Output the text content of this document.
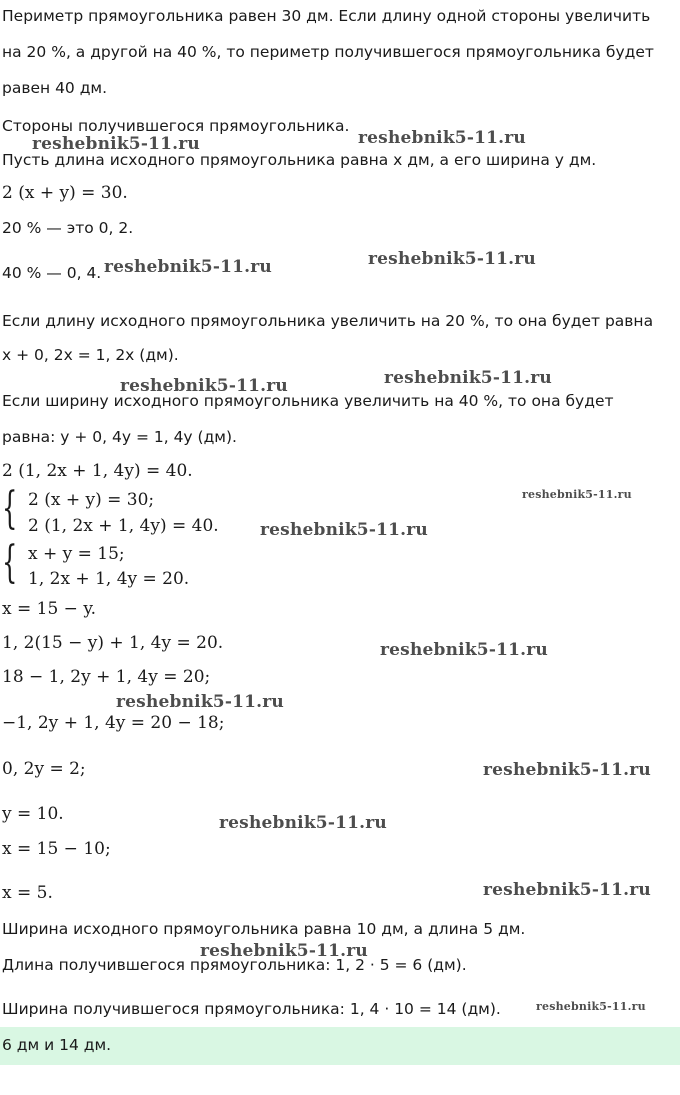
Периметр прямоугольника равен 30 дм. Если длину одной стороны увеличить
на 20 %, а другой на 40 %, то периметр получившегося прямоугольника будет
равен 40 дм.
Стороны получившегося прямоугольника.
Пусть длина исходного прямоугольника равна x дм, а его ширина y дм.
2 (x + y) = 30.
20 % — это 0, 2.
40 % — 0, 4.
Если длину исходного прямоугольника увеличить на 20 %, то она будет равна
x + 0, 2x = 1, 2x (дм).
Если ширину исходного прямоугольника увеличить на 40 %, то она будет
равна: y + 0, 4y = 1, 4y (дм).
2 (1, 2x + 1, 4y) = 40.
{ 2 (x + y) = 30;
2 (1, 2x + 1, 4y) = 40.
{ x + y = 15;
1, 2x + 1, 4y = 20.
x = 15 − y.
1, 2(15 − y) + 1, 4y = 20.
18 − 1, 2y + 1, 4y = 20;
−1, 2y + 1, 4y = 20 − 18;
0, 2y = 2;
y = 10.
x = 15 − 10;
x = 5.
Ширина исходного прямоугольника равна 10 дм, а длина 5 дм.
Длина получившегося прямоугольника: 1, 2 · 5 = 6 (дм).
Ширина получившегося прямоугольника: 1, 4 · 10 = 14 (дм).
6 дм и 14 дм.
reshebnik5-11.ru	reshebnik5-11.ru
reshebnik5-11.ru	reshebnik5-11.ru
reshebnik5-11.ru	reshebnik5-11.ru
reshebnik5-11.ru
reshebnik5-11.ru
reshebnik5-11.ru
reshebnik5-11.ru
reshebnik5-11.ru
reshebnik5-11.ru
reshebnik5-11.ru
reshebnik5-11.ru
reshebnik5-11.ru
